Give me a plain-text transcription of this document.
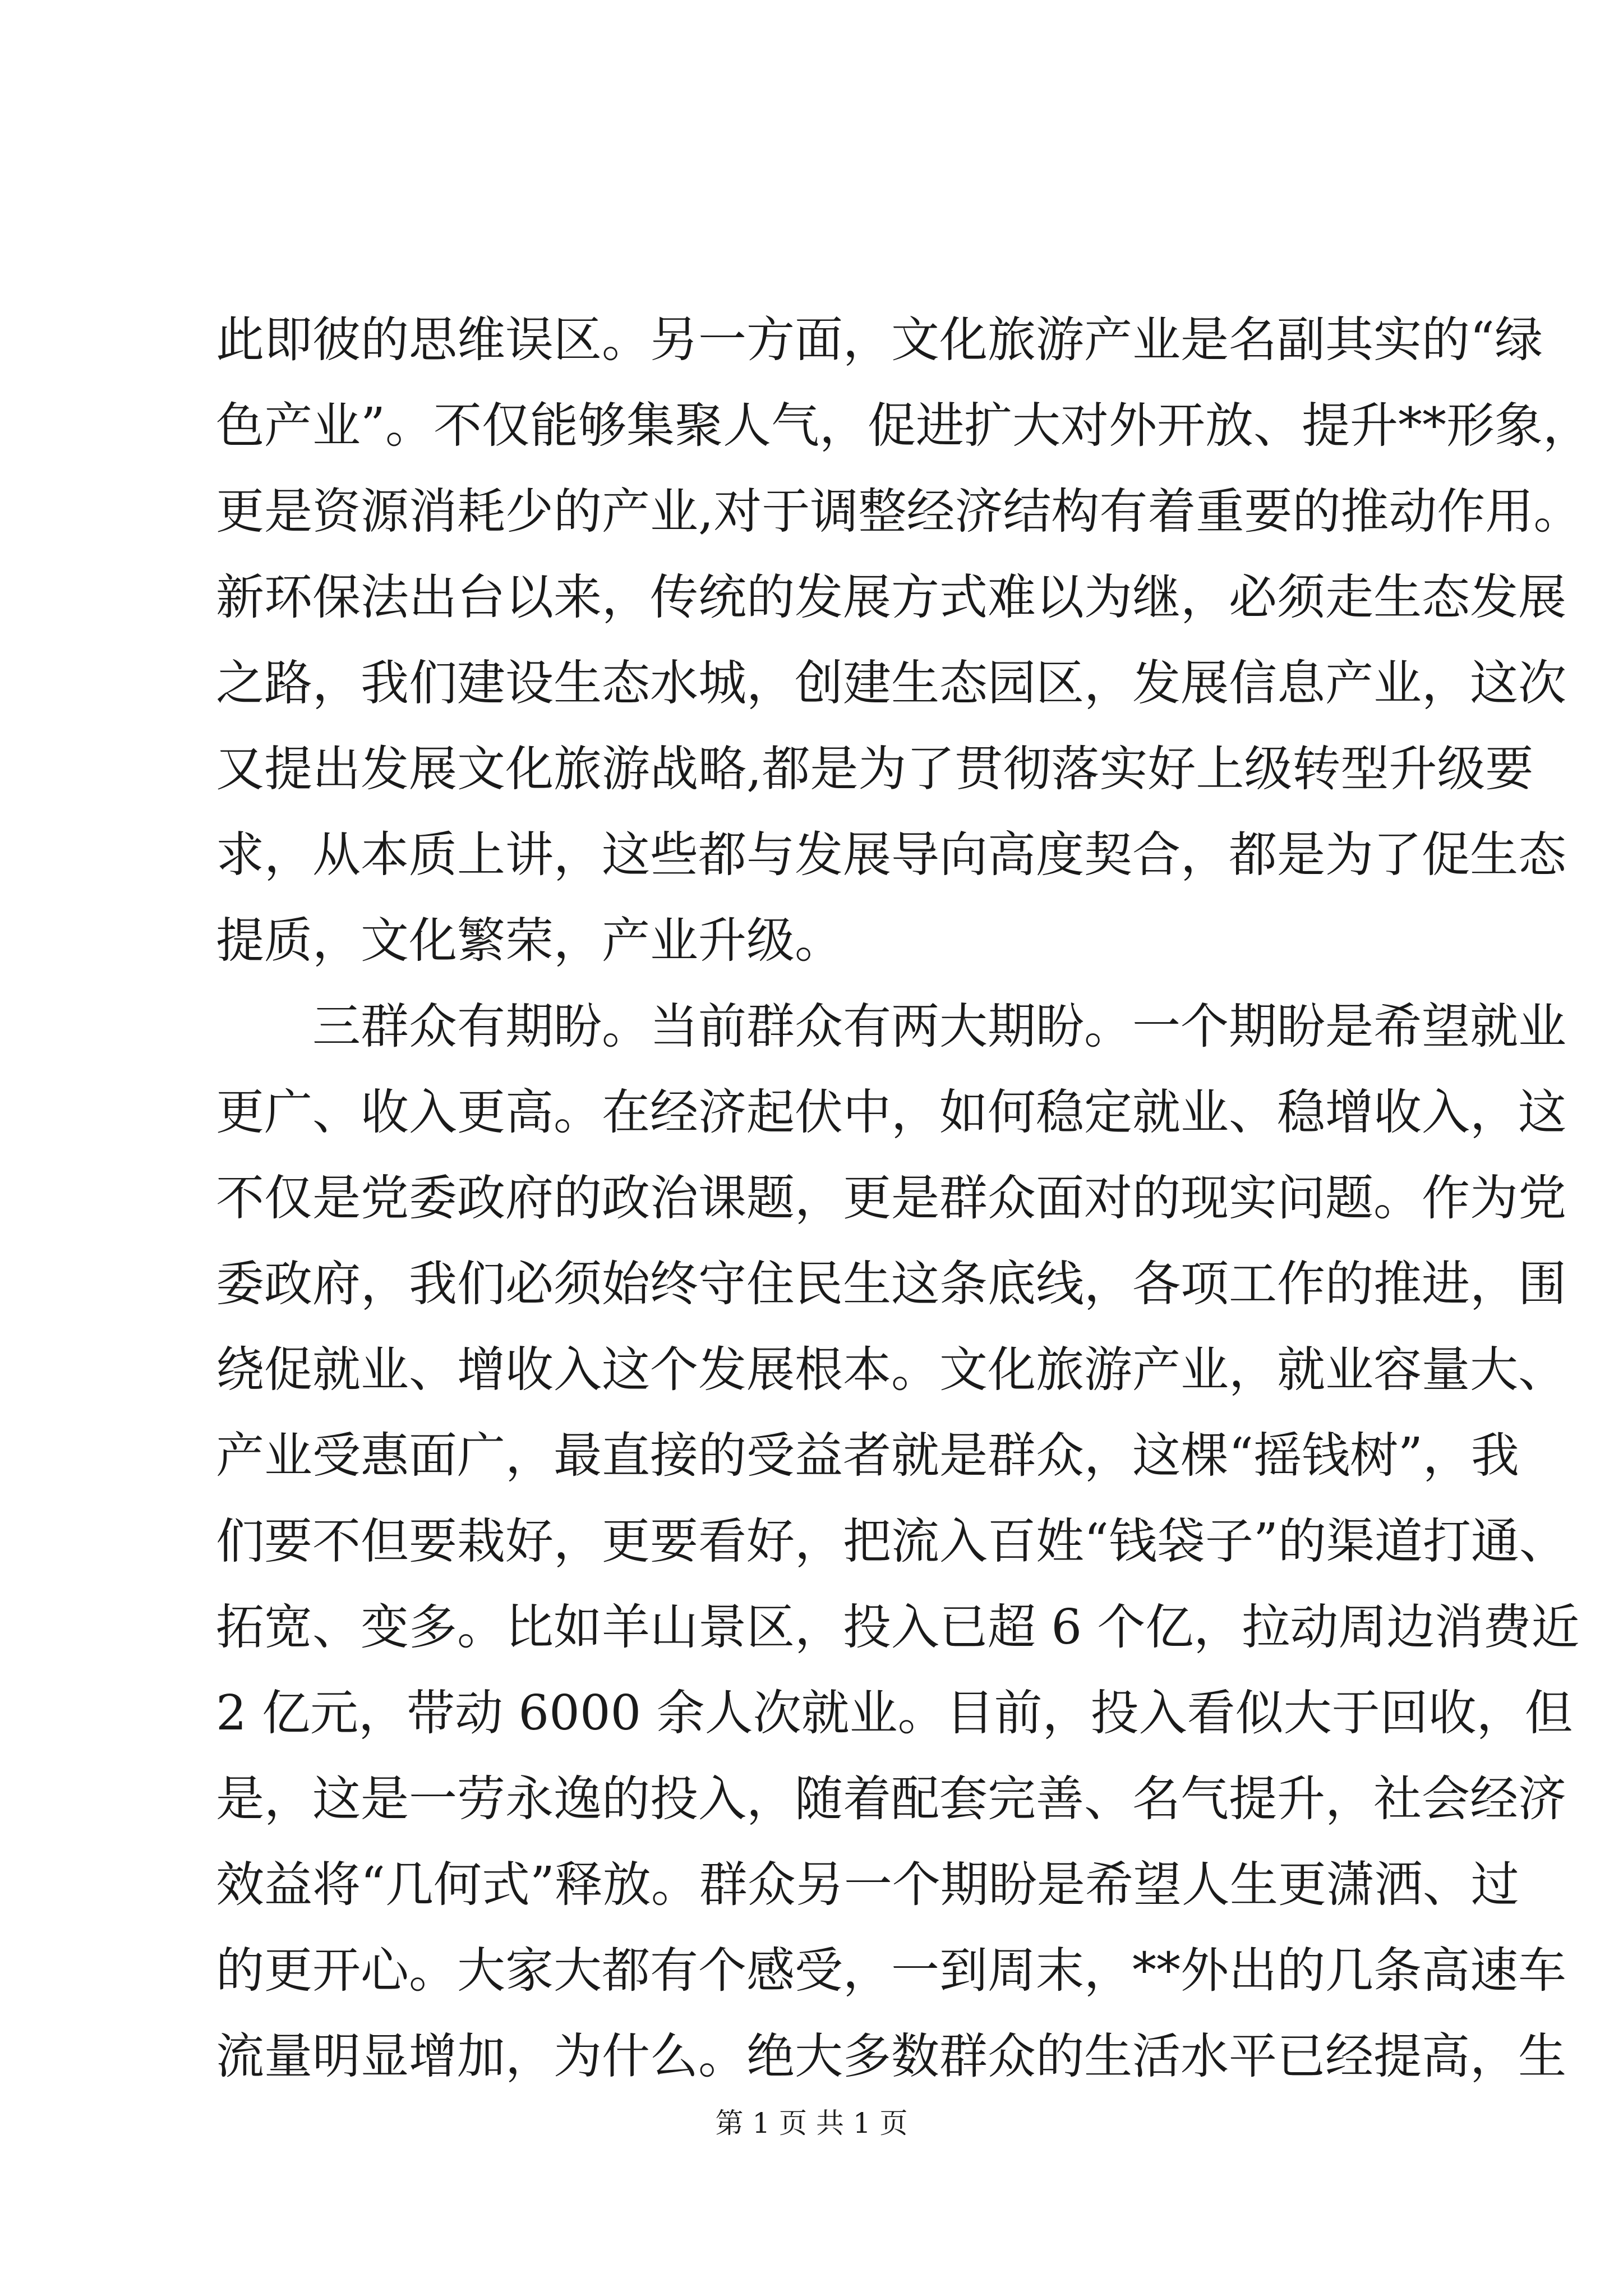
此即彼的思维误区。另一方面，文化旅游产业是名副其实的“绿
色产业”。不仅能够集聚人气，促进扩大对外开放、提升**形象，
更是资源消耗少的产业,对于调整经济结构有着重要的推动作用。
新环保法出台以来，传统的发展方式难以为继，必须走生态发展
之路，我们建设生态水城，创建生态园区，发展信息产业，这次
又提出发展文化旅游战略,都是为了贯彻落实好上级转型升级要
求，从本质上讲，这些都与发展导向高度契合，都是为了促生态
提质，文化繁荣，产业升级。
　　三群众有期盼。当前群众有两大期盼。一个期盼是希望就业
更广、收入更高。在经济起伏中，如何稳定就业、稳增收入，这
不仅是党委政府的政治课题，更是群众面对的现实问题。作为党
委政府，我们必须始终守住民生这条底线，各项工作的推进，围
绕促就业、增收入这个发展根本。文化旅游产业，就业容量大、
产业受惠面广，最直接的受益者就是群众，这棵“摇钱树”，我
们要不但要栽好，更要看好，把流入百姓“钱袋子”的渠道打通、
拓宽、变多。比如羊山景区，投入已超 6 个亿，拉动周边消费近
2 亿元，带动 6000 余人次就业。目前，投入看似大于回收，但
是，这是一劳永逸的投入，随着配套完善、名气提升，社会经济
效益将“几何式”释放。群众另一个期盼是希望人生更潇洒、过
的更开心。大家大都有个感受，一到周末，**外出的几条高速车
流量明显增加，为什么。绝大多数群众的生活水平已经提高，生
第 1 页 共 1 页
